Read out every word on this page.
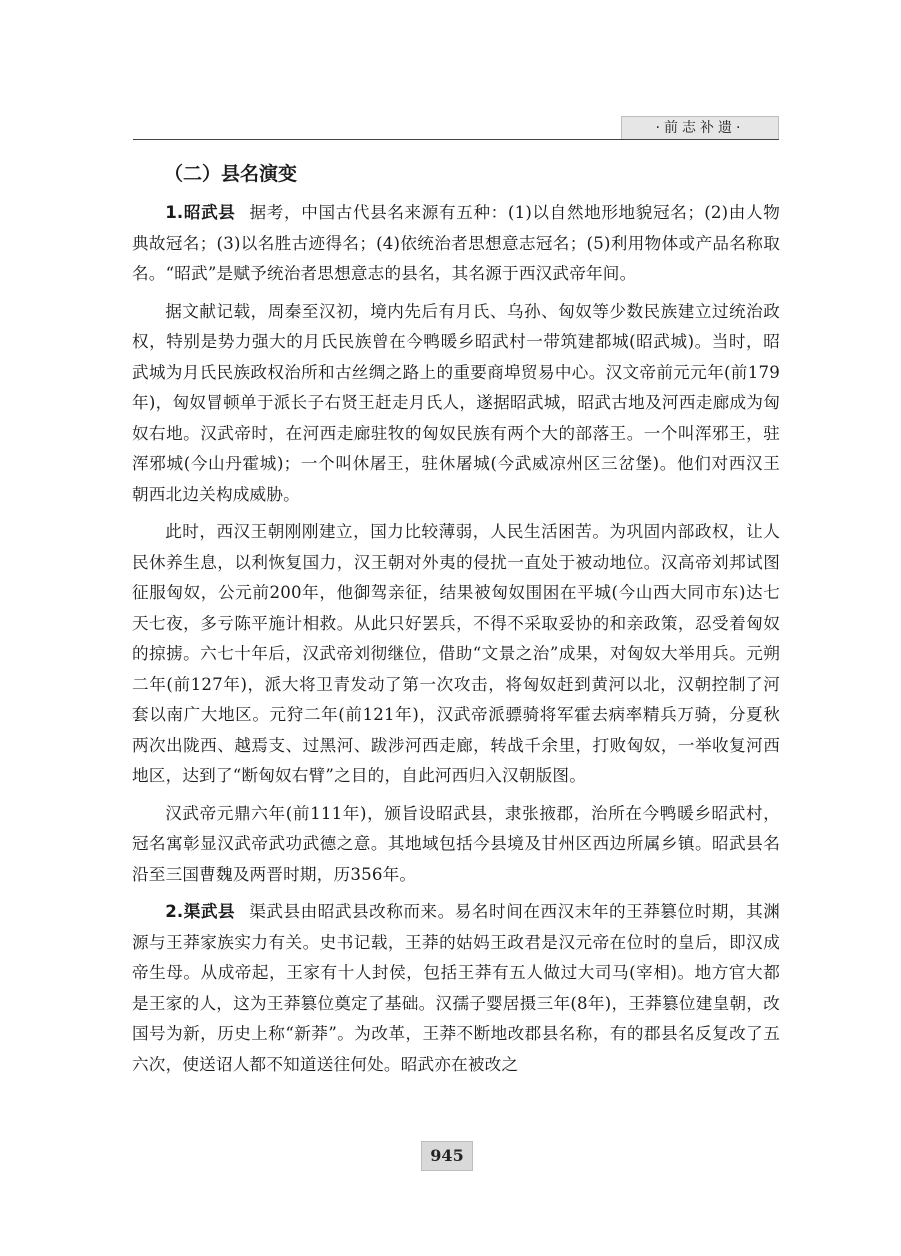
·前志补遗·
（二）县名演变

1.昭武县 据考，中国古代县名来源有五种：(1)以自然地形地貌冠名；(2)由人物典故冠名；(3)以名胜古迹得名；(4)依统治者思想意志冠名；(5)利用物体或产品名称取名。“昭武”是赋予统治者思想意志的县名，其名源于西汉武帝年间。

据文献记载，周秦至汉初，境内先后有月氏、乌孙、匈奴等少数民族建立过统治政权，特别是势力强大的月氏民族曾在今鸭暖乡昭武村一带筑建都城(昭武城)。当时，昭武城为月氏民族政权治所和古丝绸之路上的重要商埠贸易中心。汉文帝前元元年(前179年)，匈奴冒顿单于派长子右贤王赶走月氏人，遂据昭武城，昭武古地及河西走廊成为匈奴右地。汉武帝时，在河西走廊驻牧的匈奴民族有两个大的部落王。一个叫浑邪王，驻浑邪城(今山丹霍城)；一个叫休屠王，驻休屠城(今武威凉州区三岔堡)。他们对西汉王朝西北边关构成威胁。

此时，西汉王朝刚刚建立，国力比较薄弱，人民生活困苦。为巩固内部政权，让人民休养生息，以利恢复国力，汉王朝对外夷的侵扰一直处于被动地位。汉高帝刘邦试图征服匈奴，公元前200年，他御驾亲征，结果被匈奴围困在平城(今山西大同市东)达七天七夜，多亏陈平施计相救。从此只好罢兵，不得不采取妥协的和亲政策，忍受着匈奴的掠掳。六七十年后，汉武帝刘彻继位，借助“文景之治”成果，对匈奴大举用兵。元朔二年(前127年)，派大将卫青发动了第一次攻击，将匈奴赶到黄河以北，汉朝控制了河套以南广大地区。元狩二年(前121年)，汉武帝派骠骑将军霍去病率精兵万骑，分夏秋两次出陇西、越焉支、过黑河、跋涉河西走廊，转战千余里，打败匈奴，一举收复河西地区，达到了“断匈奴右臂”之目的，自此河西归入汉朝版图。

汉武帝元鼎六年(前111年)，颁旨设昭武县，隶张掖郡，治所在今鸭暖乡昭武村，冠名寓彰显汉武帝武功武德之意。其地域包括今县境及甘州区西边所属乡镇。昭武县名沿至三国曹魏及两晋时期，历356年。

2.渠武县 渠武县由昭武县改称而来。易名时间在西汉末年的王莽篡位时期，其渊源与王莽家族实力有关。史书记载，王莽的姑妈王政君是汉元帝在位时的皇后，即汉成帝生母。从成帝起，王家有十人封侯，包括王莽有五人做过大司马(宰相)。地方官大都是王家的人，这为王莽篡位奠定了基础。汉孺子婴居摄三年(8年)，王莽篡位建皇朝，改国号为新，历史上称“新莽”。为改革，王莽不断地改郡县名称，有的郡县名反复改了五六次，使送诏人都不知道送往何处。昭武亦在被改之

945
